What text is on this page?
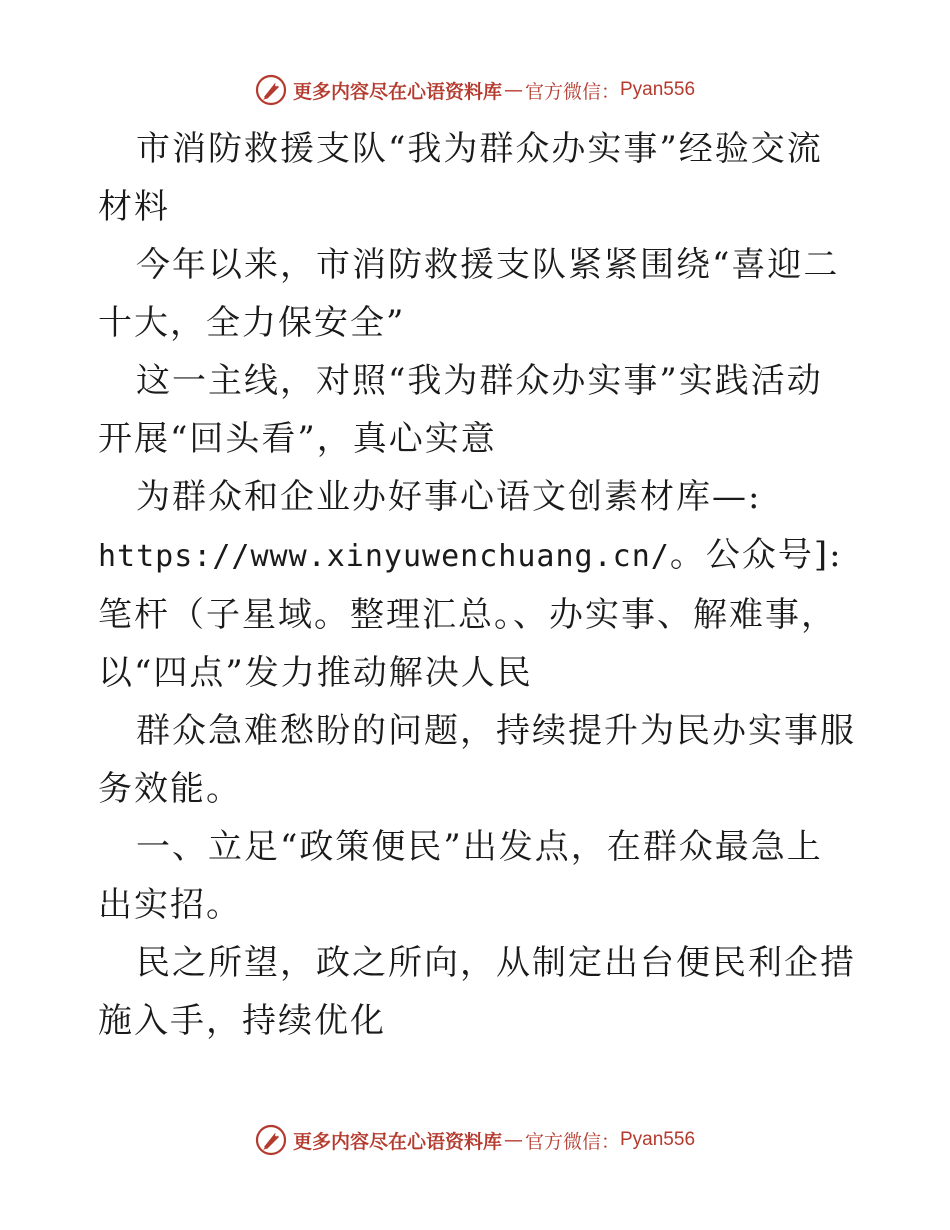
更多内容尽在心语资料库 — 官方微信： Pyan556

市消防救援支队“我为群众办实事”经验交流材料

今年以来，市消防救援支队紧紧围绕“喜迎二十大，全力保安全”

这一主线，对照“我为群众办实事”实践活动开展“回头看”，真心实意

为群众和企业办好事心语文创素材库—:
https://www.xinyuwenchuang.cn/。公众号]: 笔杆（子星域。整理汇总。、办实事、解难事，

以“四点”发力推动解决人民

群众急难愁盼的问题，持续提升为民办实事服务效能。

一、立足“政策便民”出发点，在群众最急上出实招。

民之所望，政之所向，从制定出台便民利企措施入手，持续优化

更多内容尽在心语资料库 — 官方微信： Pyan556
